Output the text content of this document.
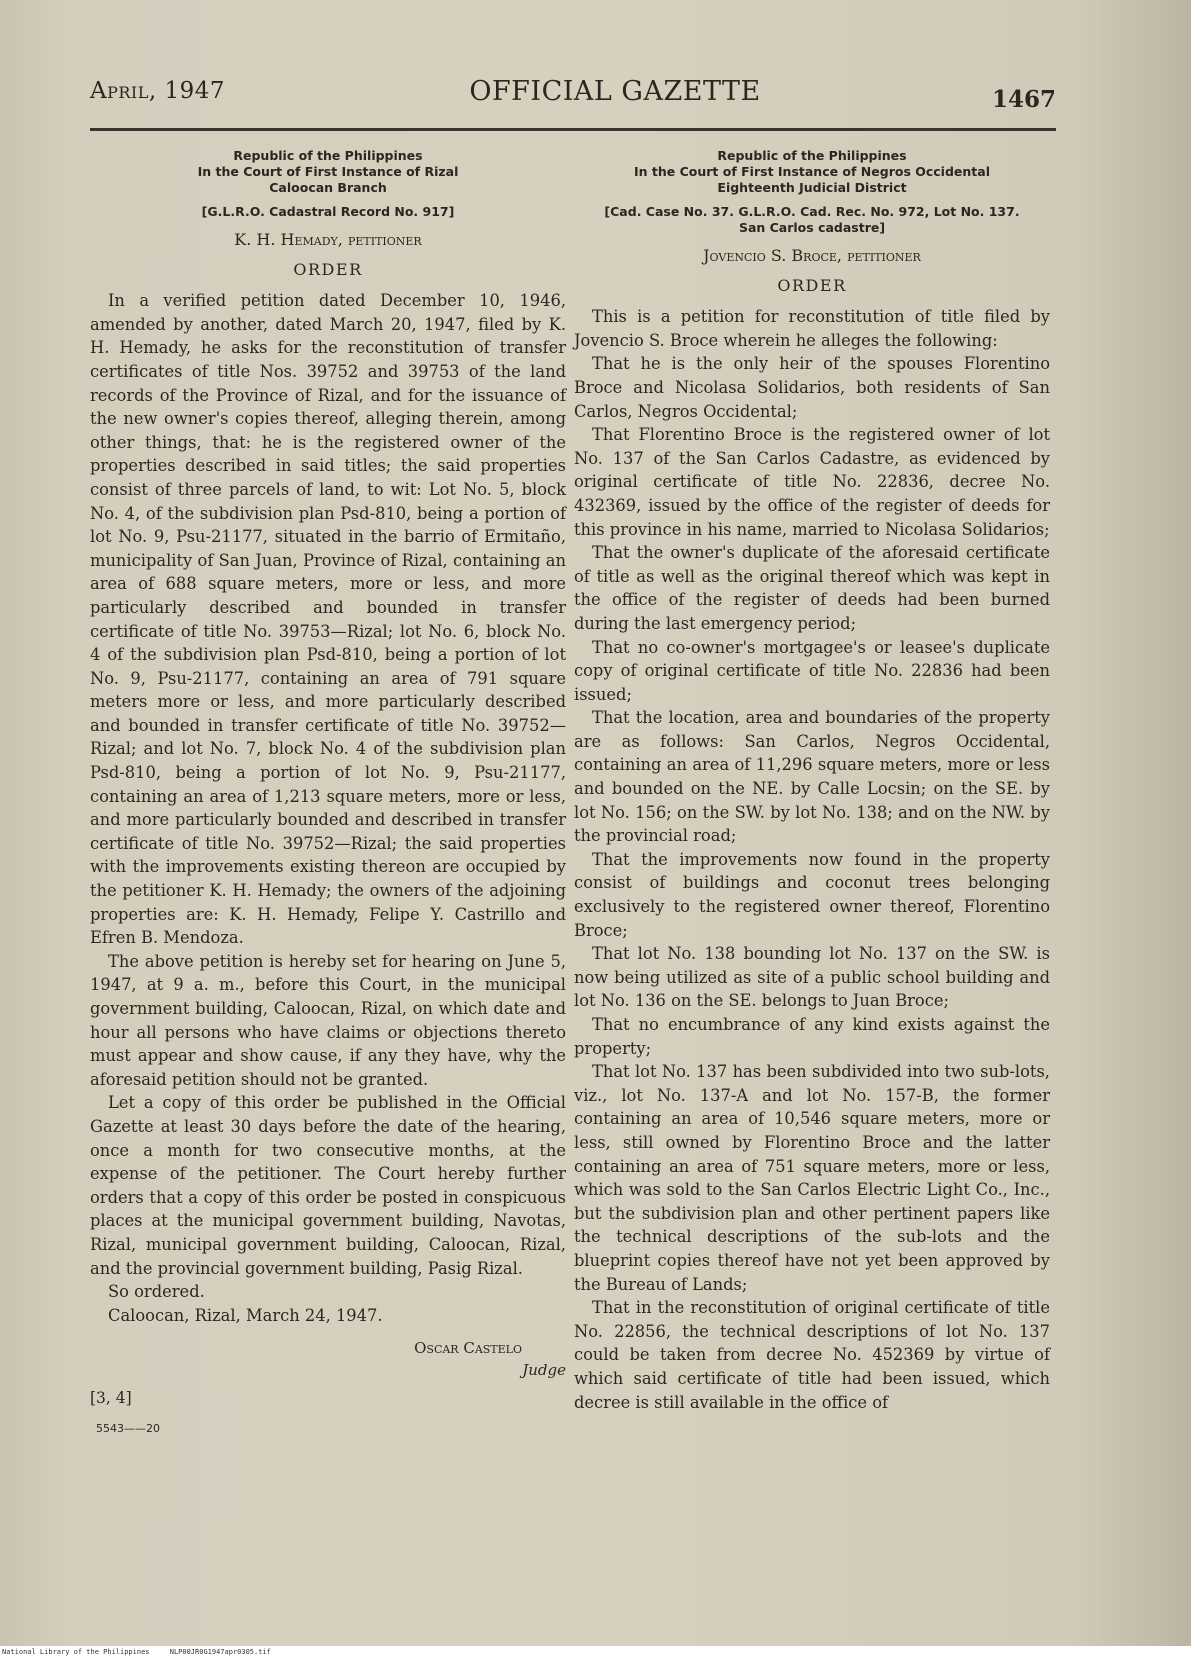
April, 1947	OFFICIAL GAZETTE	1467
Republic of the Philippines
In the Court of First Instance of Rizal
Caloocan Branch
[G.L.R.O. Cadastral Record No. 917]
K. H. Hemady, petitioner
ORDER

In a verified petition dated December 10, 1946, amended by another, dated March 20, 1947, filed by K. H. Hemady, he asks for the reconstitution of transfer certificates of title Nos. 39752 and 39753 of the land records of the Province of Rizal, and for the issuance of the new owner's copies thereof, alleging therein, among other things, that: he is the registered owner of the properties described in said titles; the said properties consist of three parcels of land, to wit: Lot No. 5, block No. 4, of the subdivision plan Psd-810, being a portion of lot No. 9, Psu-21177, situated in the barrio of Ermitaño, municipality of San Juan, Province of Rizal, containing an area of 688 square meters, more or less, and more particularly described and bounded in transfer certificate of title No. 39753—Rizal; lot No. 6, block No. 4 of the subdivision plan Psd-810, being a portion of lot No. 9, Psu-21177, containing an area of 791 square meters more or less, and more particularly described and bounded in transfer certificate of title No. 39752—Rizal; and lot No. 7, block No. 4 of the subdivision plan Psd-810, being a portion of lot No. 9, Psu-21177, containing an area of 1,213 square meters, more or less, and more particularly bounded and described in transfer certificate of title No. 39752—Rizal; the said properties with the improvements existing thereon are occupied by the petitioner K. H. Hemady; the owners of the adjoining properties are: K. H. Hemady, Felipe Y. Castrillo and Efren B. Mendoza.

The above petition is hereby set for hearing on June 5, 1947, at 9 a. m., before this Court, in the municipal government building, Caloocan, Rizal, on which date and hour all persons who have claims or objections thereto must appear and show cause, if any they have, why the aforesaid petition should not be granted.

Let a copy of this order be published in the Official Gazette at least 30 days before the date of the hearing, once a month for two consecutive months, at the expense of the petitioner. The Court hereby further orders that a copy of this order be posted in conspicuous places at the municipal government building, Navotas, Rizal, municipal government building, Caloocan, Rizal, and the provincial government building, Pasig Rizal.

So ordered.

Caloocan, Rizal, March 24, 1947.

Oscar Castelo
Judge
[3, 4]
5543——20
Republic of the Philippines
In the Court of First Instance of Negros Occidental
Eighteenth Judicial District
[Cad. Case No. 37. G.L.R.O. Cad. Rec. No. 972, Lot No. 137.
San Carlos cadastre]
Jovencio S. Broce, petitioner
ORDER

This is a petition for reconstitution of title filed by Jovencio S. Broce wherein he alleges the following:

That he is the only heir of the spouses Florentino Broce and Nicolasa Solidarios, both residents of San Carlos, Negros Occidental;

That Florentino Broce is the registered owner of lot No. 137 of the San Carlos Cadastre, as evidenced by original certificate of title No. 22836, decree No. 432369, issued by the office of the register of deeds for this province in his name, married to Nicolasa Solidarios;

That the owner's duplicate of the aforesaid certificate of title as well as the original thereof which was kept in the office of the register of deeds had been burned during the last emergency period;

That no co-owner's mortgagee's or leasee's duplicate copy of original certificate of title No. 22836 had been issued;

That the location, area and boundaries of the property are as follows: San Carlos, Negros Occidental, containing an area of 11,296 square meters, more or less and bounded on the NE. by Calle Locsin; on the SE. by lot No. 156; on the SW. by lot No. 138; and on the NW. by the provincial road;

That the improvements now found in the property consist of buildings and coconut trees belonging exclusively to the registered owner thereof, Florentino Broce;

That lot No. 138 bounding lot No. 137 on the SW. is now being utilized as site of a public school building and lot No. 136 on the SE. belongs to Juan Broce;

That no encumbrance of any kind exists against the property;

That lot No. 137 has been subdivided into two sub-lots, viz., lot No. 137-A and lot No. 157-B, the former containing an area of 10,546 square meters, more or less, still owned by Florentino Broce and the latter containing an area of 751 square meters, more or less, which was sold to the San Carlos Electric Light Co., Inc., but the subdivision plan and other pertinent papers like the technical descriptions of the sub-lots and the blueprint copies thereof have not yet been approved by the Bureau of Lands;

That in the reconstitution of original certificate of title No. 22856, the technical descriptions of lot No. 137 could be taken from decree No. 452369 by virtue of which said certificate of title had been issued, which decree is still available in the office of

National Library of the Philippines	NLP00JR0G1947apr0305.tif
